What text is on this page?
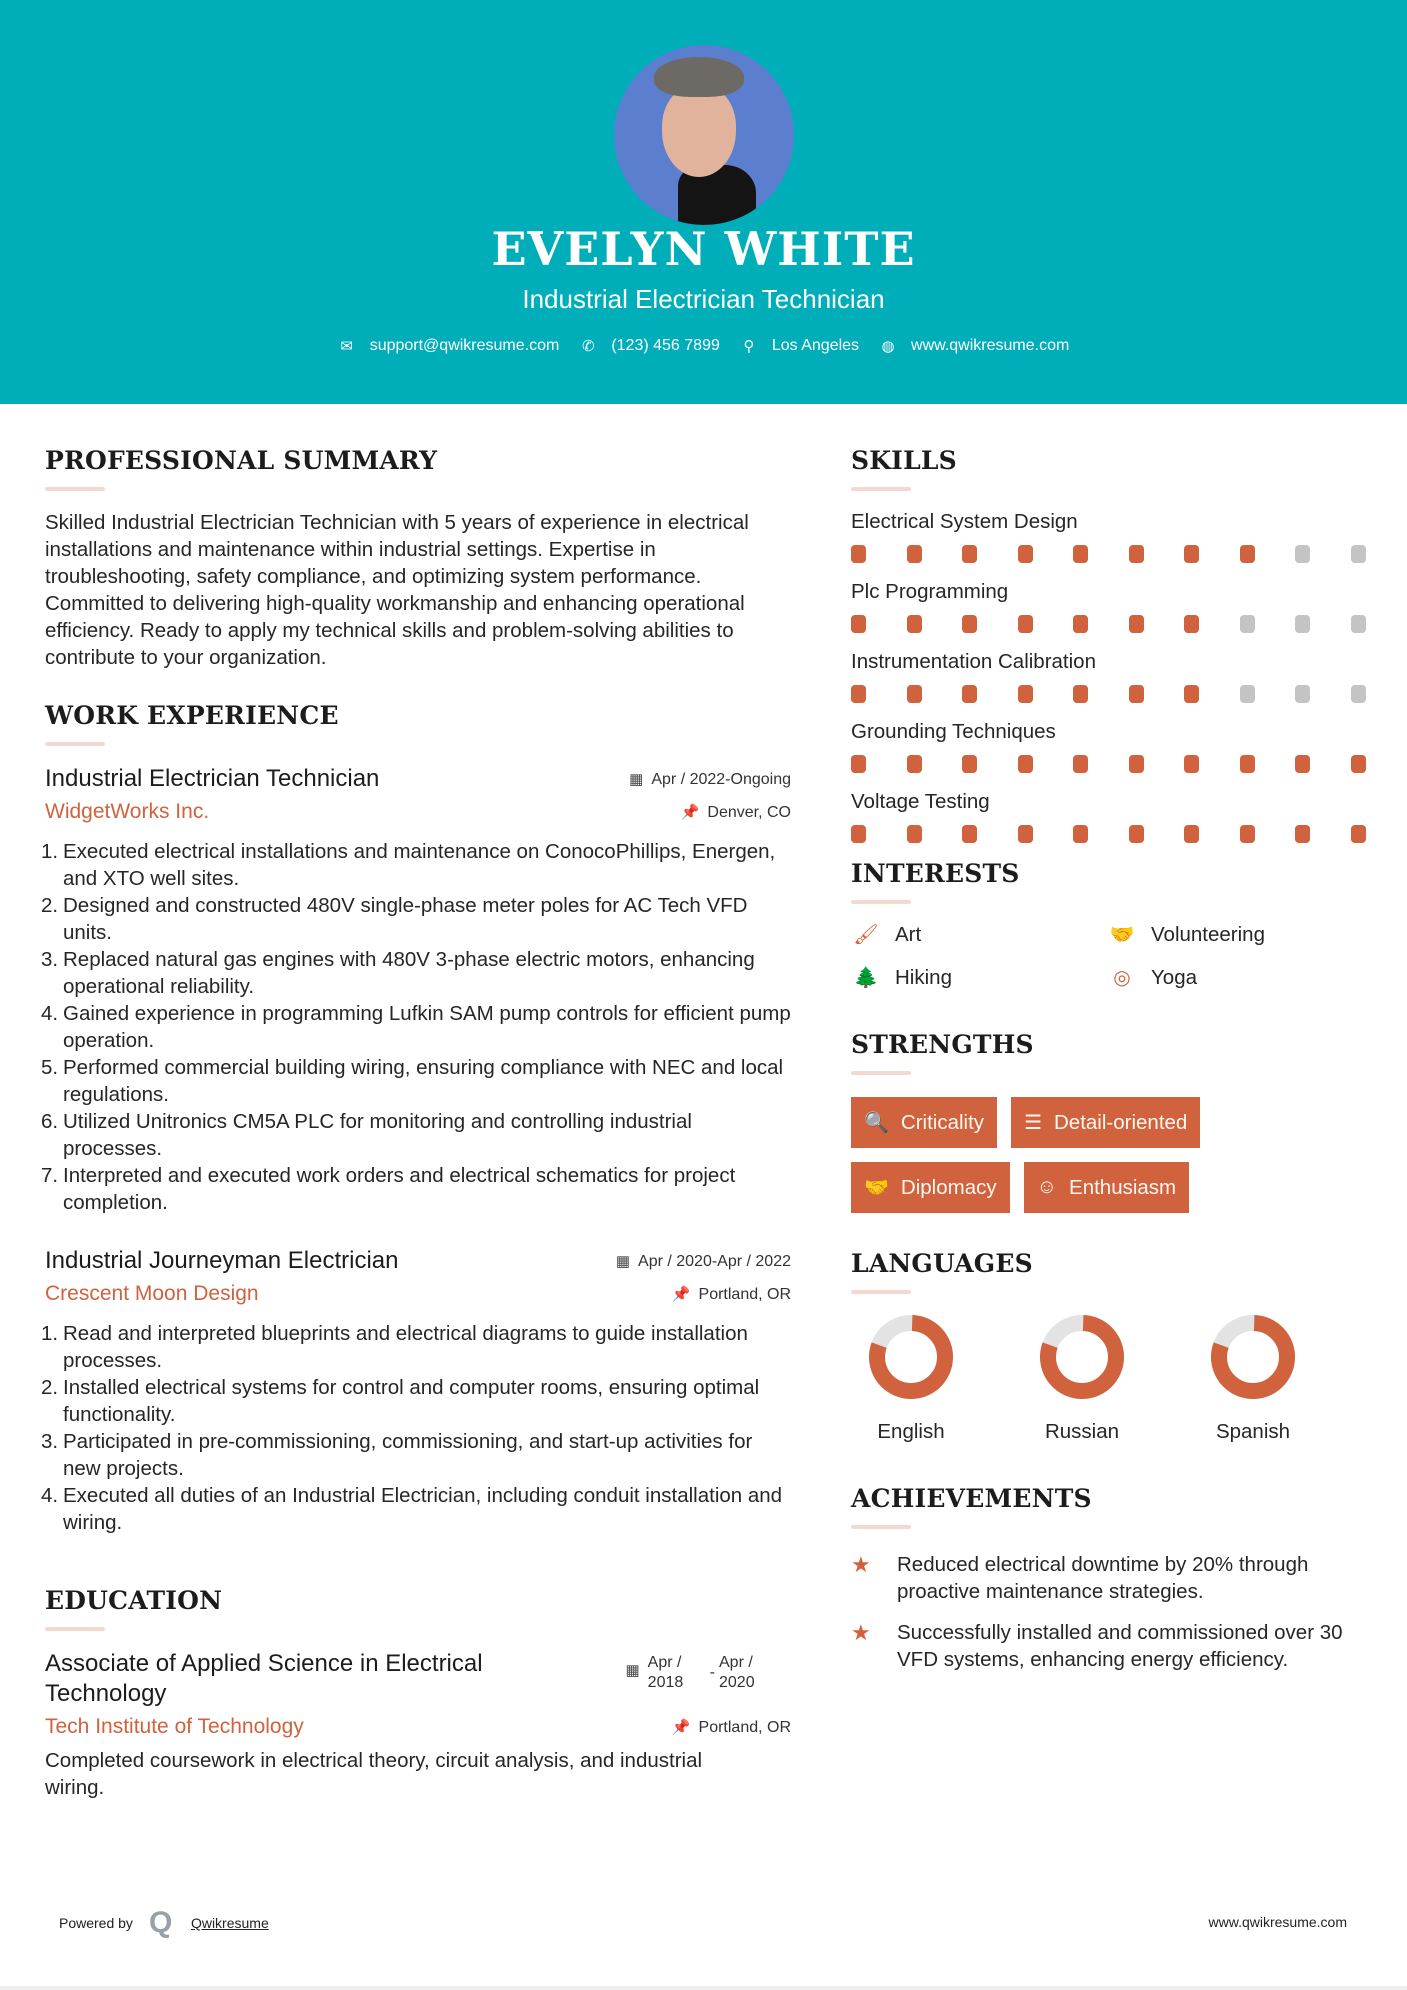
EVELYN WHITE
Industrial Electrician Technician
✉ support@qwikresume.com ✆ (123) 456 7899 ⚲ Los Angeles ◍ www.qwikresume.com
PROFESSIONAL SUMMARY

Skilled Industrial Electrician Technician with 5 years of experience in electrical installations and maintenance within industrial settings. Expertise in troubleshooting, safety compliance, and optimizing system performance. Committed to delivering high-quality workmanship and enhancing operational efficiency. Ready to apply my technical skills and problem-solving abilities to contribute to your organization.

WORK EXPERIENCE
Industrial Electrician Technician	▦ Apr / 2022-Ongoing
WidgetWorks Inc.	📌 Denver, CO
1. Executed electrical installations and maintenance on ConocoPhillips, Energen, and XTO well sites.
2. Designed and constructed 480V single-phase meter poles for AC Tech VFD units.
3. Replaced natural gas engines with 480V 3-phase electric motors, enhancing operational reliability.
4. Gained experience in programming Lufkin SAM pump controls for efficient pump operation.
5. Performed commercial building wiring, ensuring compliance with NEC and local regulations.
6. Utilized Unitronics CM5A PLC for monitoring and controlling industrial processes.
7. Interpreted and executed work orders and electrical schematics for project completion.
Industrial Journeyman Electrician	▦ Apr / 2020-Apr / 2022
Crescent Moon Design	📌 Portland, OR
1. Read and interpreted blueprints and electrical diagrams to guide installation processes.
2. Installed electrical systems for control and computer rooms, ensuring optimal functionality.
3. Participated in pre-commissioning, commissioning, and start-up activities for new projects.
4. Executed all duties of an Industrial Electrician, including conduit installation and wiring.
EDUCATION
Associate of Applied Science in Electrical Technology
▦ Apr / 2018
-
Apr / 2020
Tech Institute of Technology	📌 Portland, OR

Completed coursework in electrical theory, circuit analysis, and industrial wiring.

SKILLS
Electrical System Design
Plc Programming
Instrumentation Calibration
Grounding Techniques
Voltage Testing
INTERESTS
🖌 Art	🤝 Volunteering
🌲 Hiking	◎ Yoga
STRENGTHS
🔍 Criticality ☰ Detail-oriented
🤝 Diplomacy ☺ Enthusiasm
LANGUAGES
English	Russian	Spanish
ACHIEVEMENTS
★	Reduced electrical downtime by 20% through proactive maintenance strategies.
★	Successfully installed and commissioned over 30 VFD systems, enhancing energy efficiency.
Powered by Q Qwikresume	www.qwikresume.com
